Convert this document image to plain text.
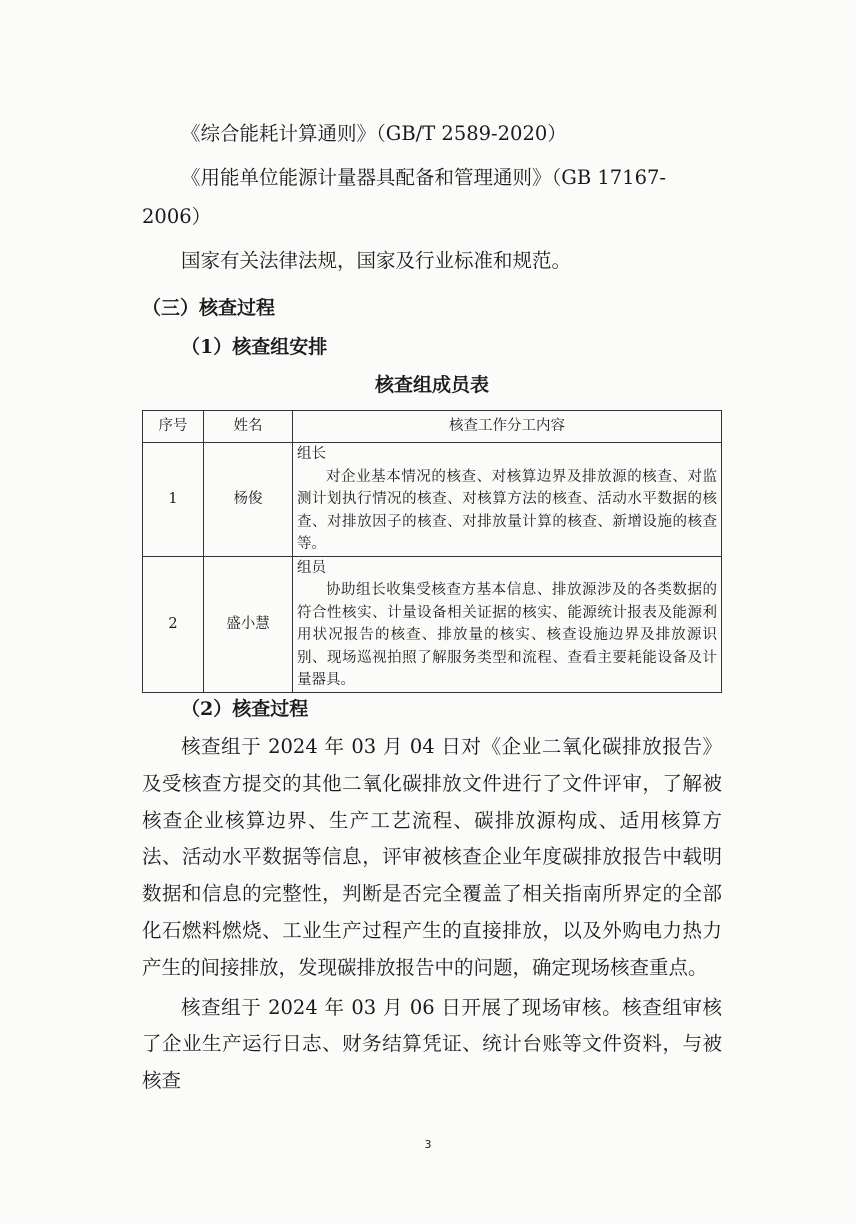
《综合能耗计算通则》（GB/T 2589-2020）
《用能单位能源计量器具配备和管理通则》（GB 17167-
2006）
国家有关法律法规，国家及行业标准和规范。
（三）核查过程
（1）核查组安排
核查组成员表
序号	姓名	核查工作分工内容
1	杨俊	组长
对企业基本情况的核查、对核算边界及排放源的核查、对监测计划执行情况的核查、对核算方法的核查、活动水平数据的核查、对排放因子的核查、对排放量计算的核查、新增设施的核查等。

2	盛小慧	组员
协助组长收集受核查方基本信息、排放源涉及的各类数据的符合性核实、计量设备相关证据的核实、能源统计报表及能源利用状况报告的核查、排放量的核实、核查设施边界及排放源识别、现场巡视拍照了解服务类型和流程、查看主要耗能设备及计量器具。
（2）核查过程

核查组于 2024 年 03 月 04 日对《企业二氧化碳排放报告》及受核查方提交的其他二氧化碳排放文件进行了文件评审，了解被核查企业核算边界、生产工艺流程、碳排放源构成、适用核算方法、活动水平数据等信息，评审被核查企业年度碳排放报告中载明数据和信息的完整性，判断是否完全覆盖了相关指南所界定的全部化石燃料燃烧、工业生产过程产生的直接排放，以及外购电力热力产生的间接排放，发现碳排放报告中的问题，确定现场核查重点。

核查组于 2024 年 03 月 06 日开展了现场审核。核查组审核了企业生产运行日志、财务结算凭证、统计台账等文件资料，与被核查

3
